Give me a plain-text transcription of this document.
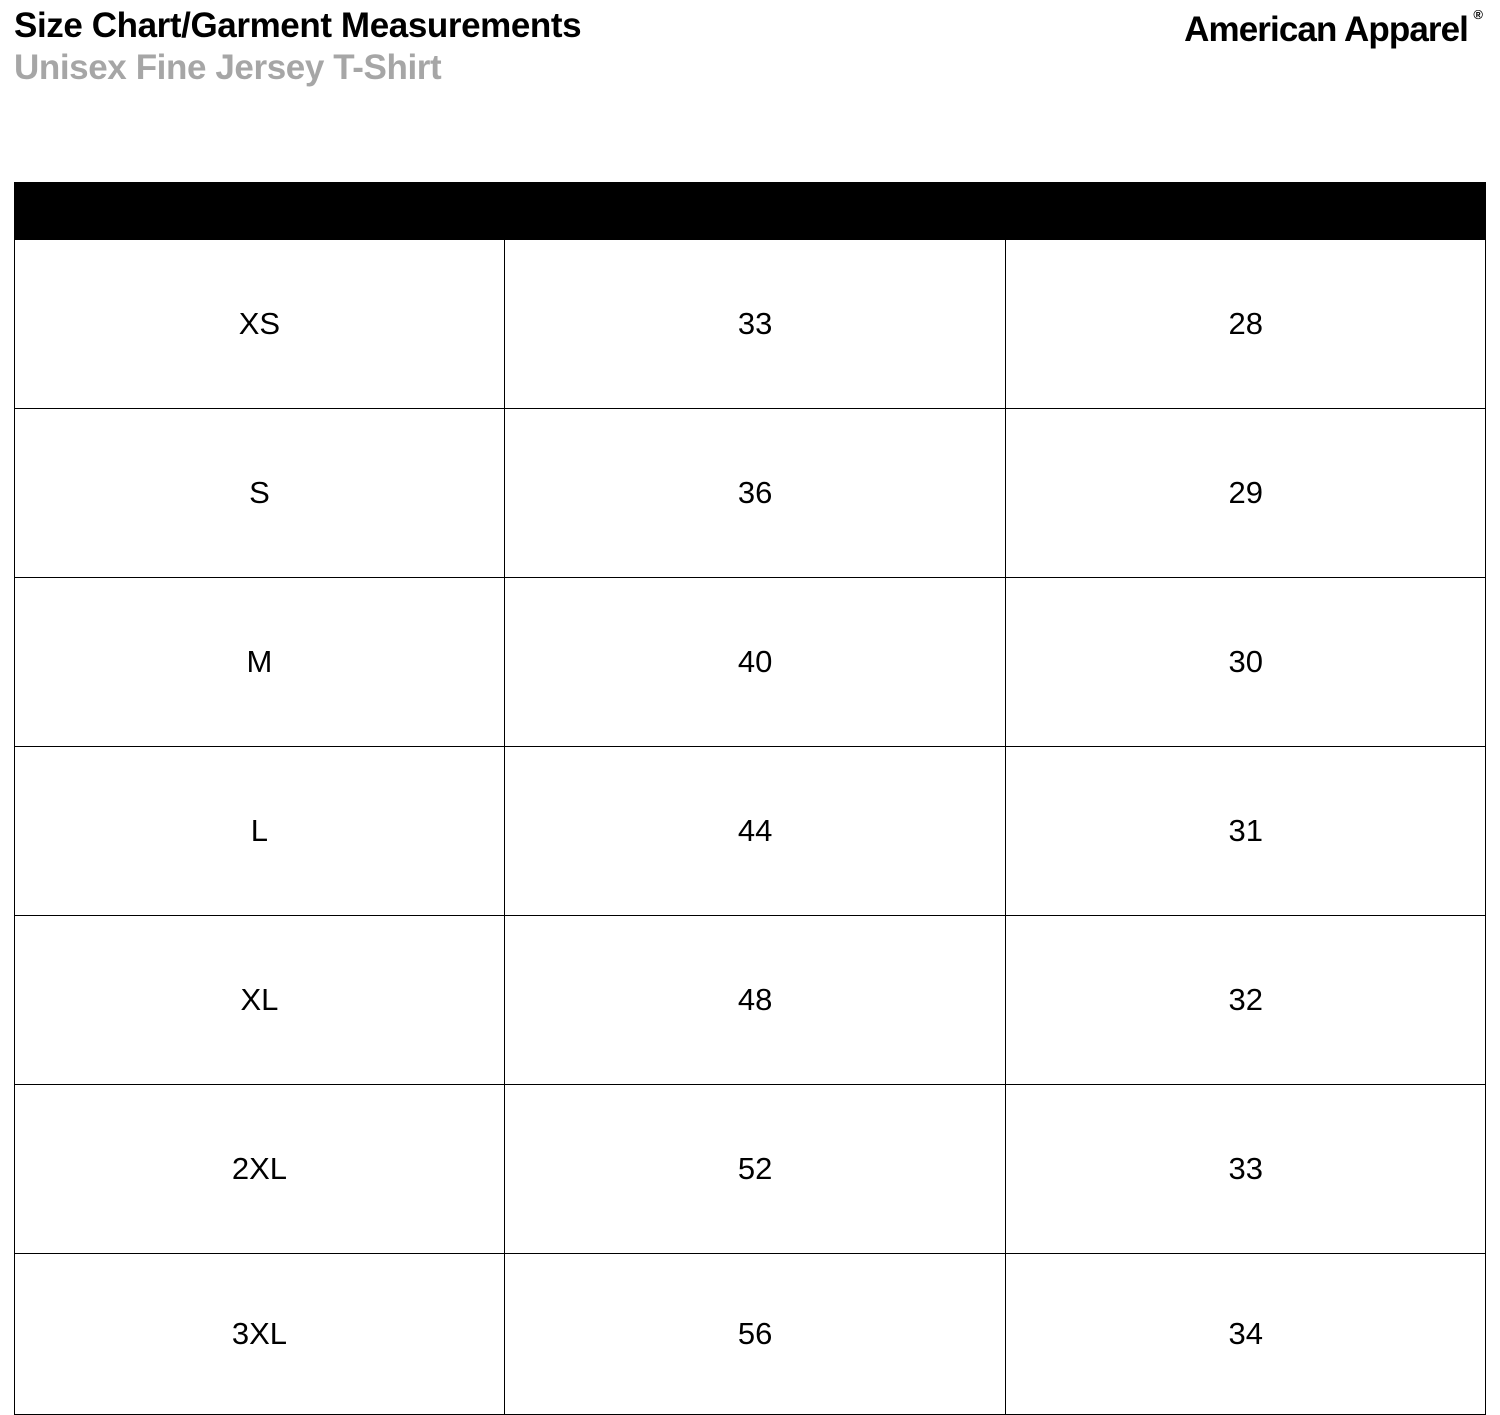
Size Chart/Garment Measurements
Unisex Fine Jersey T-Shirt
American Apparel ®

XS	33	28
S	36	29
M	40	30
L	44	31
XL	48	32
2XL	52	33
3XL	56	34
